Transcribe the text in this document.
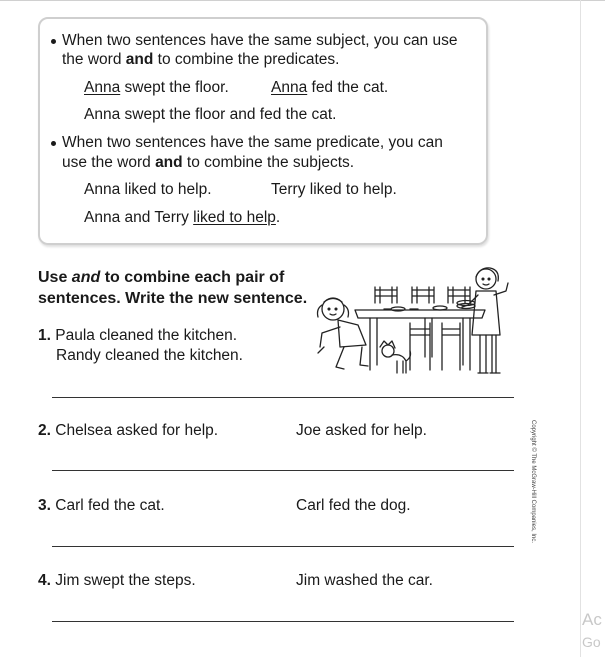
When two sentences have the same subject, you can use
the word and to combine the predicates.
Anna swept the floor.	Anna fed the cat.
Anna swept the floor and fed the cat.
When two sentences have the same predicate, you can
use the word and to combine the subjects.
Anna liked to help.	Terry liked to help.
Anna and Terry liked to help.
Use and to combine each pair of
sentences. Write the new sentence.
1. Paula cleaned the kitchen.
Randy cleaned the kitchen.
2. Chelsea asked for help.	Joe asked for help.
3. Carl fed the cat.	Carl fed the dog.
4. Jim swept the steps.	Jim washed the car.
Copyright © The McGraw-Hill Companies, Inc.
Ac
Go
